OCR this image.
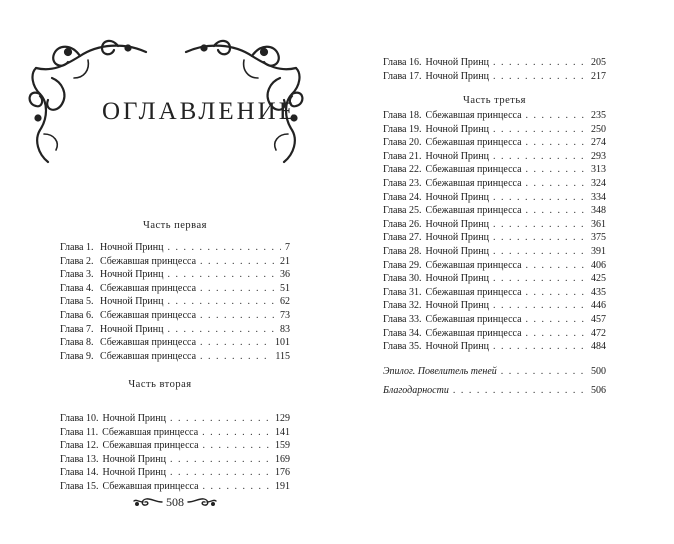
ОГЛАВЛЕНИЕ
Часть первая
Глава 1. Ночной Принц . . .	7
Глава 2. Сбежавшая принцесса . . .	21
Глава 3. Ночной Принц . . .	36
Глава 4. Сбежавшая принцесса . . .	51
Глава 5. Ночной Принц . . .	62
Глава 6. Сбежавшая принцесса . . .	73
Глава 7. Ночной Принц . . .	83
Глава 8. Сбежавшая принцесса . . .	101
Глава 9. Сбежавшая принцесса . . .	115
Часть вторая
Глава 10. Ночной Принц . . .	129
Глава 11. Сбежавшая принцесса . . .	141
Глава 12. Сбежавшая принцесса . . .	159
Глава 13. Ночной Принц . . .	169
Глава 14. Ночной Принц . . .	176
Глава 15. Сбежавшая принцесса . . .	191
508
Глава 16. Ночной Принц . . .	205
Глава 17. Ночной Принц . . .	217
Часть третья
Глава 18. Сбежавшая принцесса . . .	235
Глава 19. Ночной Принц . . .	250
Глава 20. Сбежавшая принцесса . . .	274
Глава 21. Ночной Принц . . .	293
Глава 22. Сбежавшая принцесса . . .	313
Глава 23. Сбежавшая принцесса . . .	324
Глава 24. Ночной Принц . . .	334
Глава 25. Сбежавшая принцесса . . .	348
Глава 26. Ночной Принц . . .	361
Глава 27. Ночной Принц . . .	375
Глава 28. Ночной Принц . . .	391
Глава 29. Сбежавшая принцесса . . .	406
Глава 30. Ночной Принц . . .	425
Глава 31. Сбежавшая принцесса . . .	435
Глава 32. Ночной Принц . . .	446
Глава 33. Сбежавшая принцесса . . .	457
Глава 34. Сбежавшая принцесса . . .	472
Глава 35. Ночной Принц . . .	484
Эпилог. Повелитель теней . . .	500
Благодарности . . .	506
